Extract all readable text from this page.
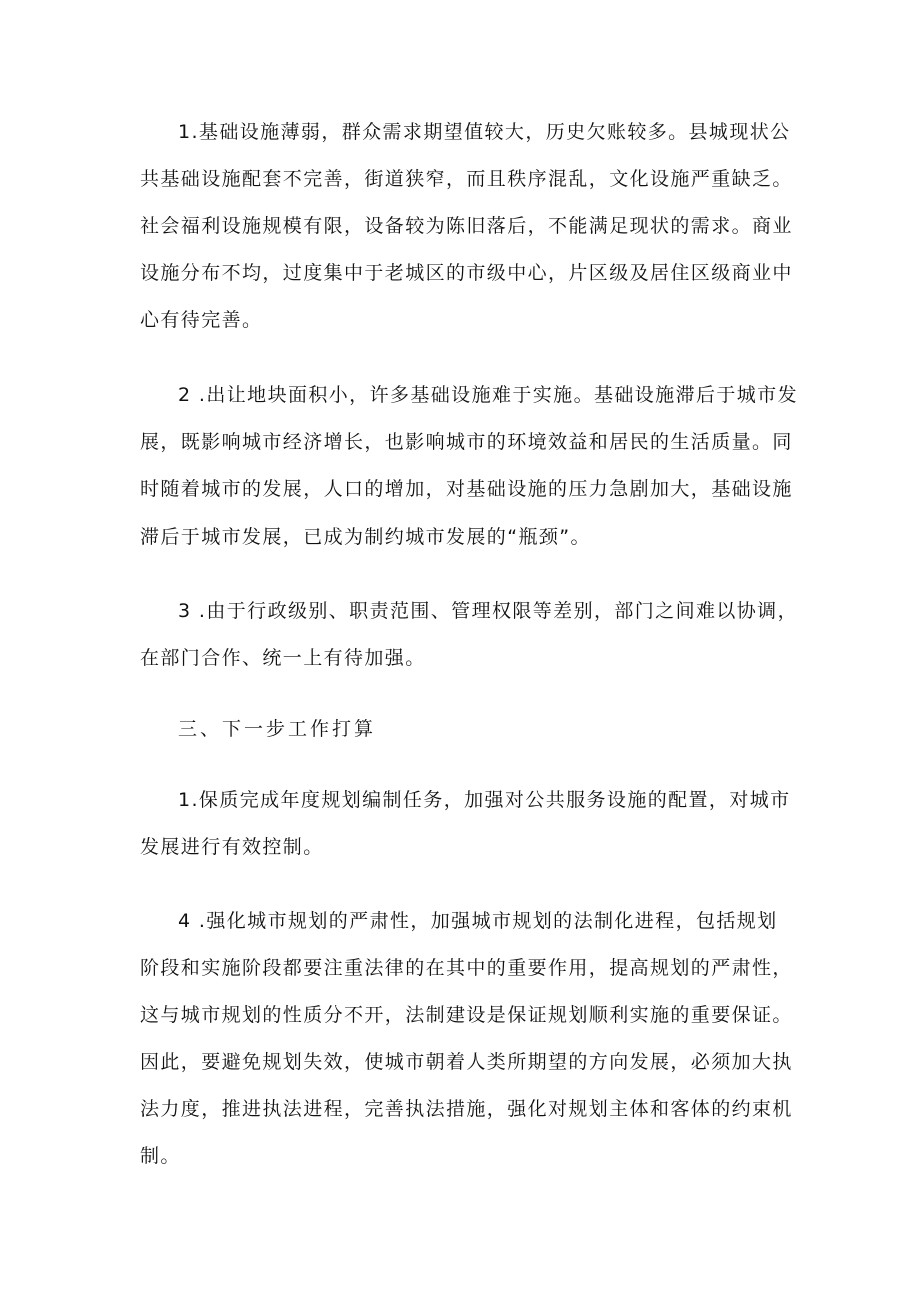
1.基础设施薄弱，群众需求期望值较大，历史欠账较多。县城现状公
共基础设施配套不完善，街道狭窄，而且秩序混乱，文化设施严重缺乏。
社会福利设施规模有限，设备较为陈旧落后，不能满足现状的需求。商业
设施分布不均，过度集中于老城区的市级中心，片区级及居住区级商业中
心有待完善。
2 .出让地块面积小，许多基础设施难于实施。基础设施滞后于城市发
展，既影响城市经济增长，也影响城市的环境效益和居民的生活质量。同
时随着城市的发展，人口的增加，对基础设施的压力急剧加大，基础设施
滞后于城市发展，已成为制约城市发展的“瓶颈”。
3 .由于行政级别、职责范围、管理权限等差别，部门之间难以协调，
在部门合作、统一上有待加强。
三、下一步工作打算
1.保质完成年度规划编制任务，加强对公共服务设施的配置，对城市
发展进行有效控制。
4 .强化城市规划的严肃性，加强城市规划的法制化进程，包括规划
阶段和实施阶段都要注重法律的在其中的重要作用，提高规划的严肃性，
这与城市规划的性质分不开，法制建设是保证规划顺利实施的重要保证。
因此，要避免规划失效，使城市朝着人类所期望的方向发展，必须加大执
法力度，推进执法进程，完善执法措施，强化对规划主体和客体的约束机
制。
